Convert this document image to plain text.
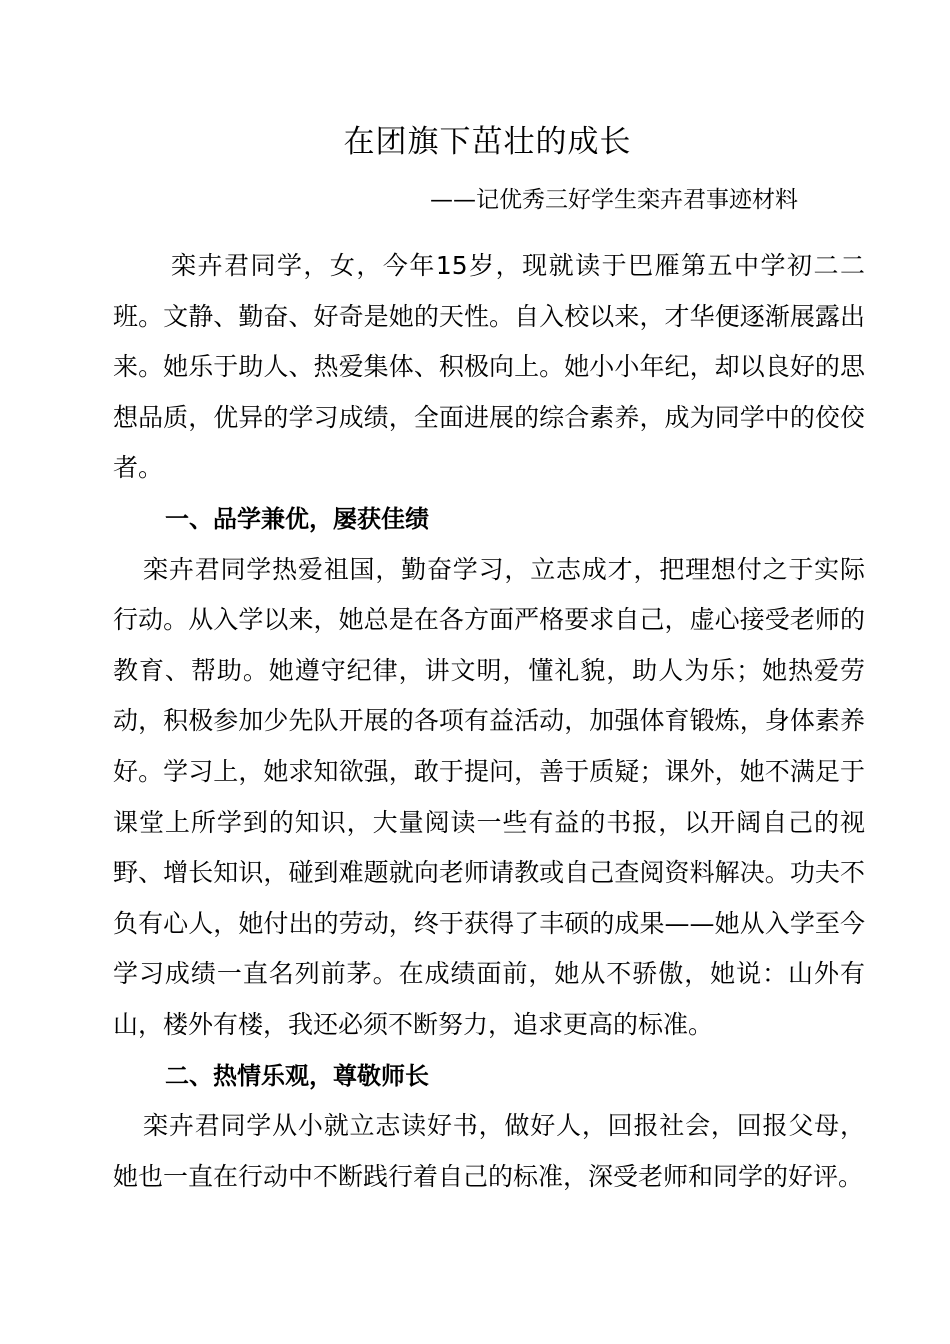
在团旗下茁壮的成长
——记优秀三好学生栾卉君事迹材料

栾卉君同学，女，今年15岁，现就读于巴雁第五中学初二二班。文静、勤奋、好奇是她的天性。自入校以来，才华便逐渐展露出来。她乐于助人、热爱集体、积极向上。她小小年纪，却以良好的思想品质，优异的学习成绩，全面进展的综合素养，成为同学中的佼佼者。

一、品学兼优，屡获佳绩

栾卉君同学热爱祖国，勤奋学习，立志成才，把理想付之于实际行动。从入学以来，她总是在各方面严格要求自己，虚心接受老师的教育、帮助。她遵守纪律，讲文明，懂礼貌，助人为乐；她热爱劳动，积极参加少先队开展的各项有益活动，加强体育锻炼，身体素养好。学习上，她求知欲强，敢于提问，善于质疑；课外，她不满足于课堂上所学到的知识，大量阅读一些有益的书报，以开阔自己的视野、增长知识，碰到难题就向老师请教或自己查阅资料解决。功夫不负有心人，她付出的劳动，终于获得了丰硕的成果——她从入学至今学习成绩一直名列前茅。在成绩面前，她从不骄傲，她说：山外有山，楼外有楼，我还必须不断努力，追求更高的标准。

二、热情乐观，尊敬师长

栾卉君同学从小就立志读好书，做好人，回报社会，回报父母，她也一直在行动中不断践行着自己的标准，深受老师和同学的好评。
